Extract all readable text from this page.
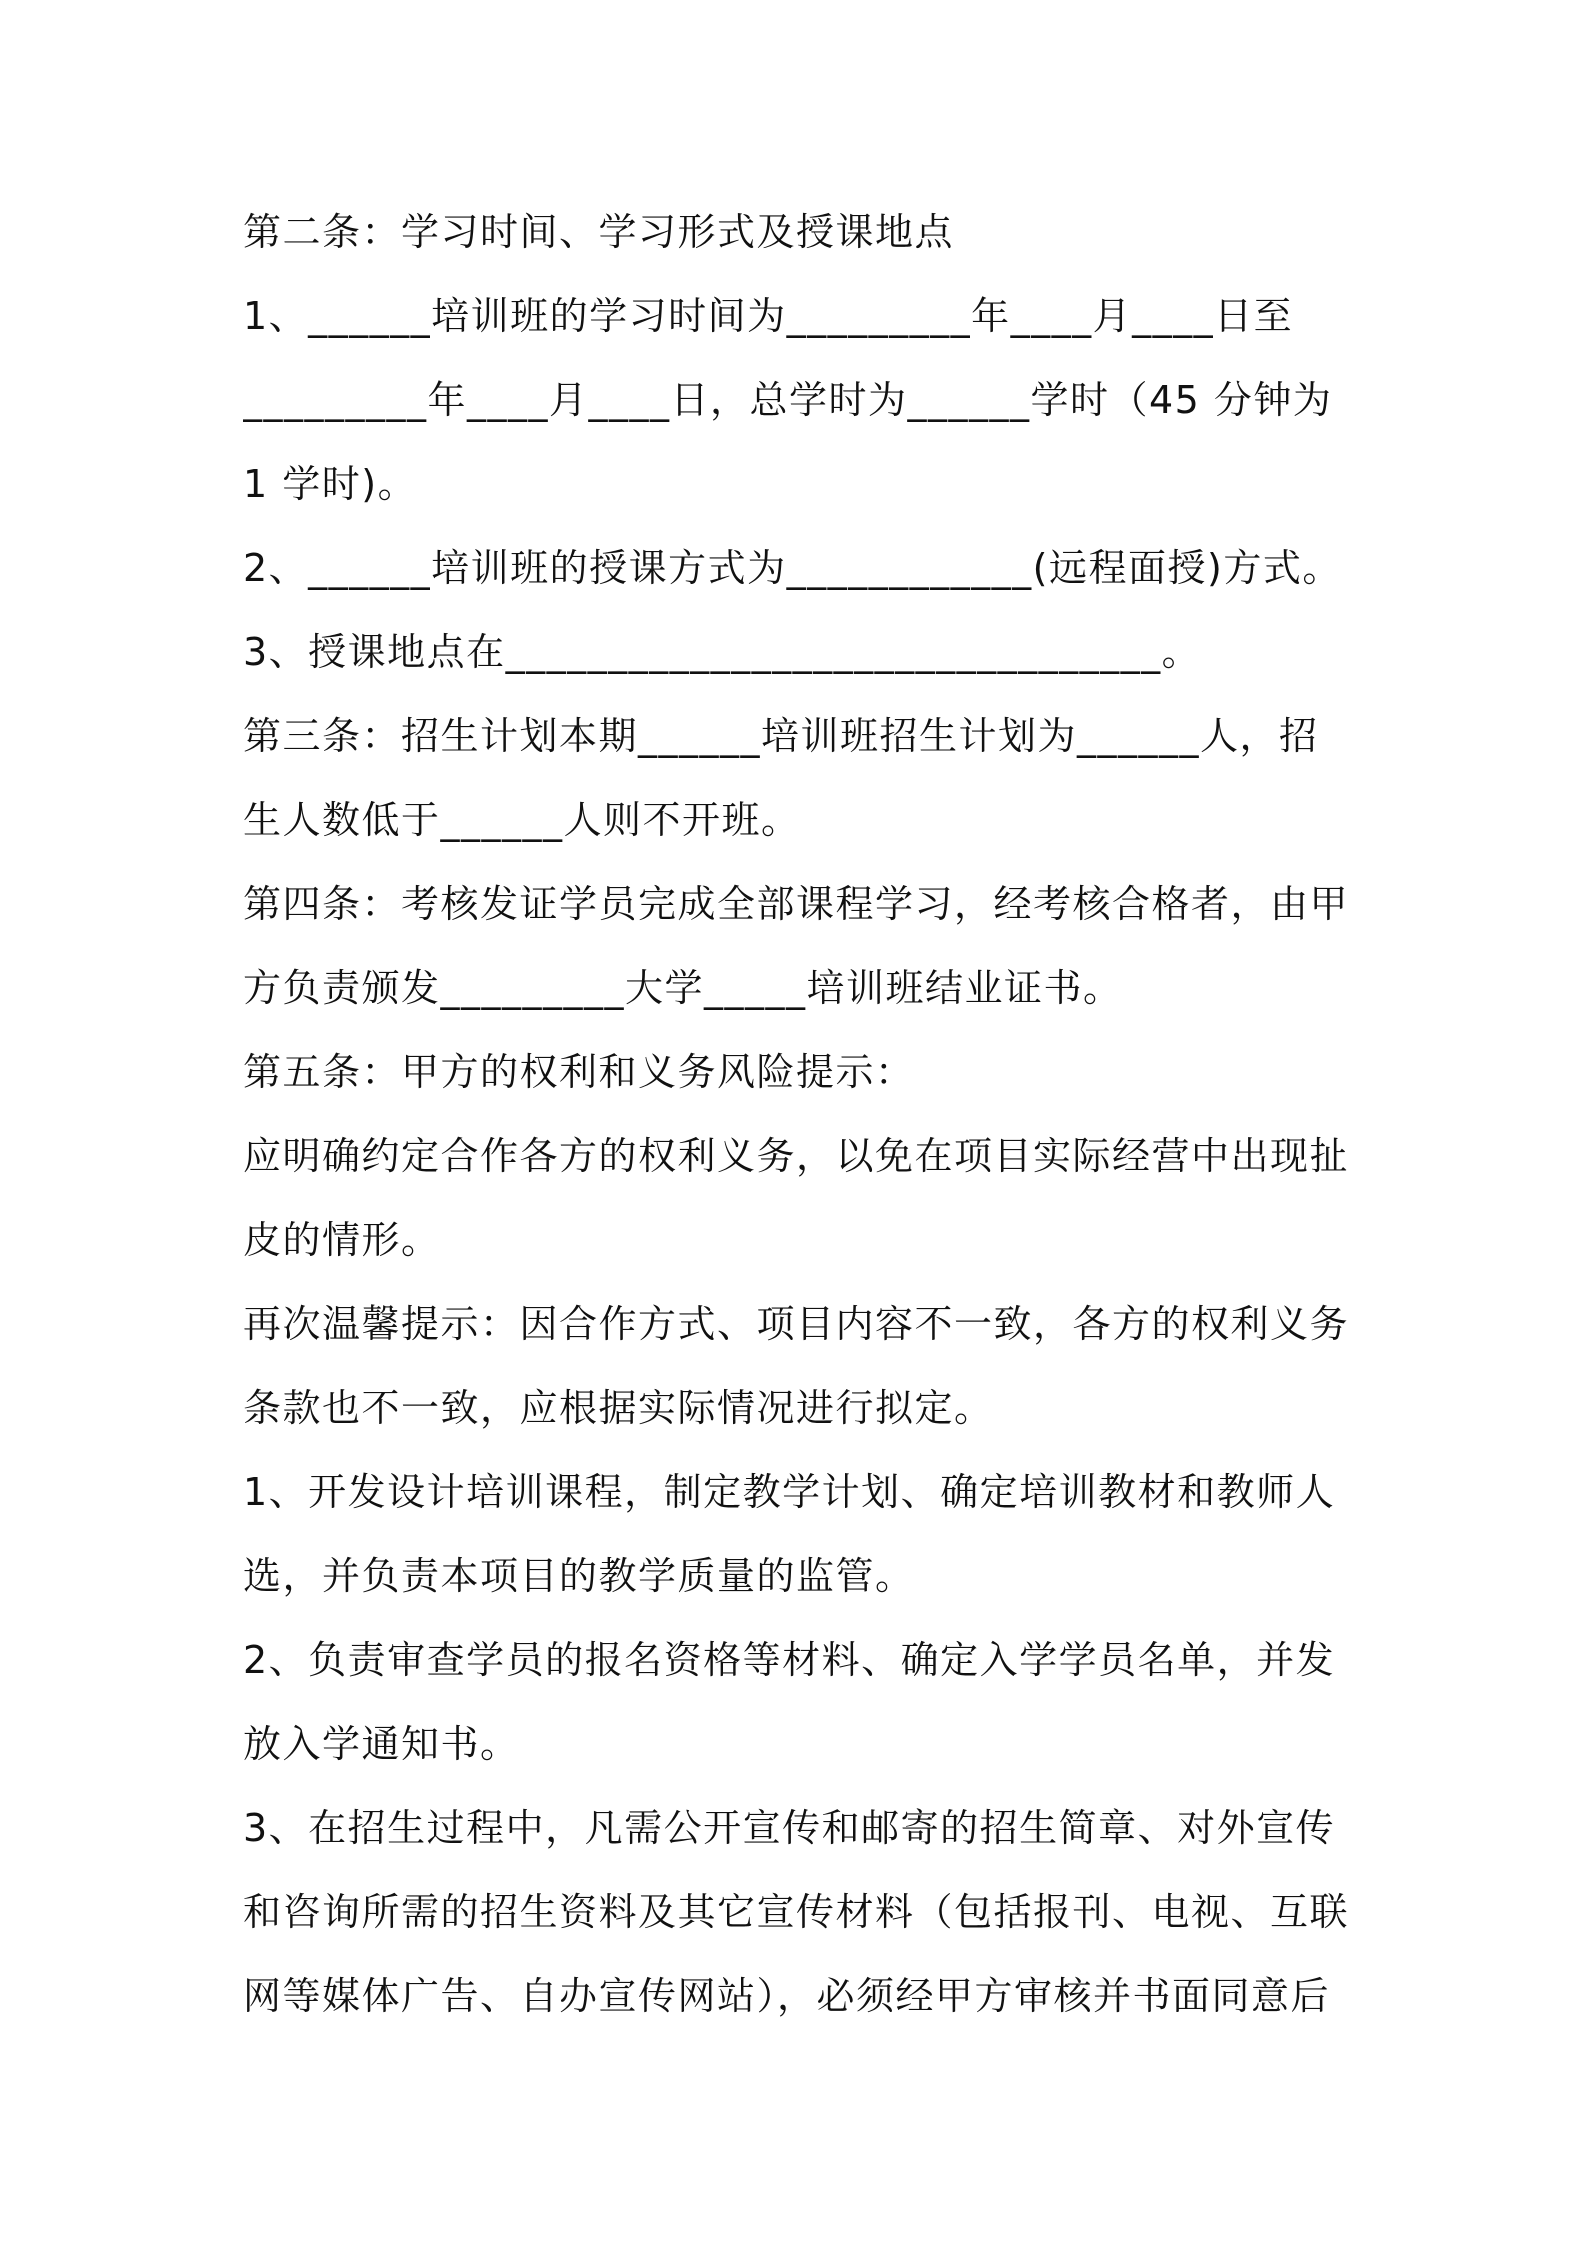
第二条：学习时间、学习形式及授课地点
1、______培训班的学习时间为_________年____月____日至
_________年____月____日，总学时为______学时（45 分钟为
1 学时)。
2、______培训班的授课方式为____________(远程面授)方式。
3、授课地点在________________________________。
第三条：招生计划本期______培训班招生计划为______人，招
生人数低于______人则不开班。
第四条：考核发证学员完成全部课程学习，经考核合格者，由甲
方负责颁发_________大学_____培训班结业证书。
第五条：甲方的权利和义务风险提示：
应明确约定合作各方的权利义务，以免在项目实际经营中出现扯
皮的情形。
再次温馨提示：因合作方式、项目内容不一致，各方的权利义务
条款也不一致，应根据实际情况进行拟定。
1、开发设计培训课程，制定教学计划、确定培训教材和教师人
选，并负责本项目的教学质量的监管。
2、负责审查学员的报名资格等材料、确定入学学员名单，并发
放入学通知书。
3、在招生过程中，凡需公开宣传和邮寄的招生简章、对外宣传
和咨询所需的招生资料及其它宣传材料（包括报刊、电视、互联
网等媒体广告、自办宣传网站），必须经甲方审核并书面同意后
